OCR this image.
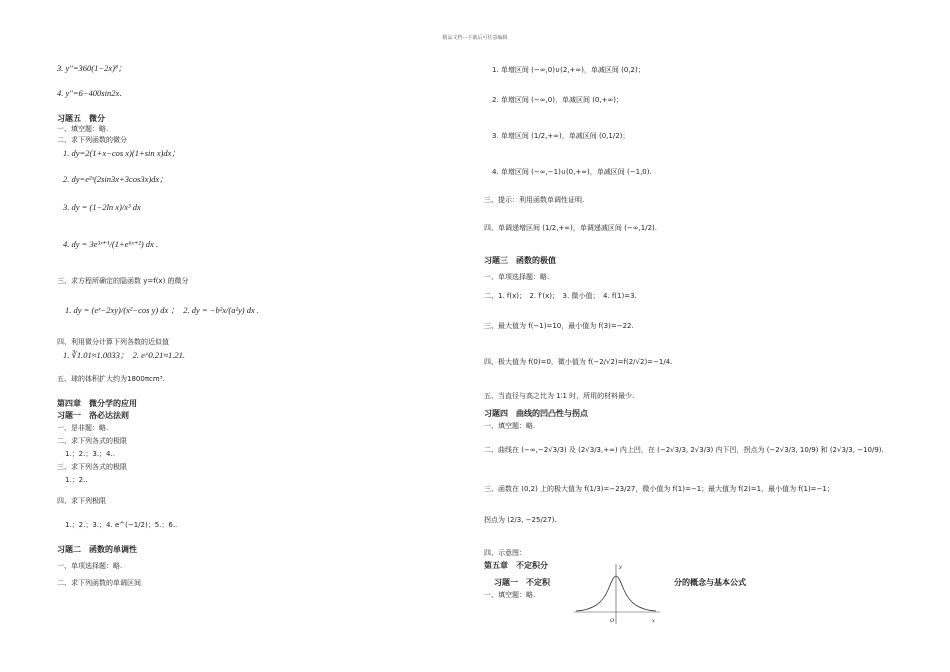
精品文档---下载后可任意编辑
3. y″=360(1−2x)⁸；
4. y″=6−400sin2x．
习题五　微分
一、填空题：略.
二、求下列函数的微分
1. dy=2(1+x−cos x)(1+sin x)dx；
2. dy=e²ˣ(2sin3x+3cos3x)dx；
3. dy = (1−2ln x)/x³ dx
4. dy = 3e³ˣ⁺¹/(1+e⁶ˣ⁺²) dx .
三、求方程所确定的隐函数 y=f(x) 的微分
1. dy = (eˣ−2xy)/(x²−cos y) dx ；　2. dy = −b²x/(a²y) dx .
四、利用微分计算下列各数的近似值
1. ∛1.01≈1.0033；　2. e^0.21≈1.21.
五、球的体积扩大约为1800πcm³.
第四章　微分学的应用
习题一　洛必达法则
一、是非题：略.
二、求下列各式的极限
1.；2.；3.；4..
三、求下列各式的极限
1.；2..
四、求下列极限
1.；2.；3.；4. e^(−1/2)；5.；6..
习题二　函数的单调性
一、单项选择题：略.
二、求下列函数的单调区间
1. 单增区间 (−∞,0)∪(2,+∞)，单减区间 (0,2)；
2. 单增区间 (−∞,0)，单减区间 (0,+∞)；
3. 单增区间 (1/2,+∞)，单减区间 (0,1/2)；
4. 单增区间 (−∞,−1)∪(0,+∞)，单减区间 (−1,0).
三、提示：利用函数单调性证明.
四、单调递增区间 (1/2,+∞)，单调递减区间 (−∞,1/2).
习题三　函数的极值
一、单项选择题：略.
二、1. f(x)；　2. f′(x)；　3. 微小值；　4. f(1)=3.
三、最大值为 f(−1)=10，最小值为 f(3)=−22.
四、极大值为 f(0)=0，微小值为 f(−2/√2)=f(2/√2)=−1/4.
五、当直径与高之比为 1∶1 时，所用的材料最少.
习题四　曲线的凹凸性与拐点
一、填空题：略.
二、曲线在 (−∞,−2√3/3) 及 (2√3/3,+∞) 内上凹，在 (−2√3/3, 2√3/3) 内下凹，拐点为 (−2√3/3, 10/9) 和 (2√3/3, −10/9).
三、函数在 (0,2) 上的极大值为 f(1/3)=−23/27，微小值为 f(1)=−1；最大值为 f(2)=1，最小值为 f(1)=−1；
拐点为 (2/3, −25/27).
四、示意图：
第五章　不定积分
习题一　不定积	分的概念与基本公式
一、填空题：略.
y
x
O
